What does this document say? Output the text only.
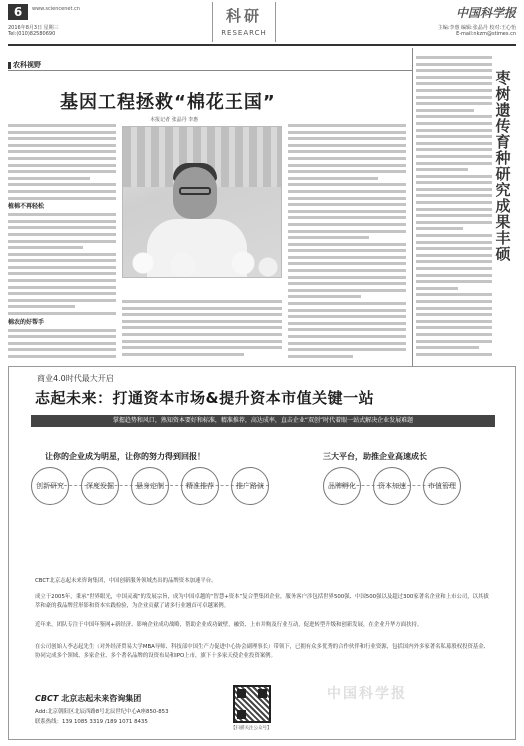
6	www.sciencenet.cn
2016年8月3日 星期三
Tel:(010)82580690
科研
RESEARCH
中国科学报
主编:李惠 编辑:张晶丹 校对:王心怡
E-mail:nkzm@stimes.cn
农科视野
基因工程拯救“棉花王国”
本报记者 张晶丹 李惠
植棉不再轻松
棉农的好帮手
枣树遗传育种研究成果丰硕
商业4.0时代最大开启
志起未来：打通资本市场&提升资本市值关键一站
掌握趋势和风口，熟知资本要好和标准，精准推荐，高达成率，直击企业“双创”时代着眼一站式解决企业发展难题
让你的企业成为明星，让你的努力得到回报！	三大平台，助推企业高速成长
创新研究	深度发掘	悬身定制	精准推荐	推广路演	品牌孵化	资本加速	市值管理
CBCT北京志起未来咨询集团，中国创新服务领域杰出的品牌资本加速平台。
成立于2005年，秉承“世界眼光，中国灵魂”的发展宗旨，成为中国卓越的“智慧+资本”复合型集团企业，服务客户涉包括世界500强、中国500强以及超过300家著名企业和上市公司，以其拔萃和豪的我品牌营形影和资本实践检验，为企业贡献了诸多行业翘首可卓越案例。
近年来，团队专注于中国年鉴网+新经济、影响企业成功战略，帮助企业成功破壁，融资、上市并购及行业互动，促进转型升级和创新发展，在企业升华方面扶持。
在公司创始人李志起先生（对外经济贸易大学MBA导师、科技部中国生产力促进中心协会副理事长）带领下，已拥有众多优秀的合作伙伴和行业资源，包括国内外多家著名私募股权投资基金、协同完成多个领域、多家企业、多个著名品牌的设资布局和IPO上市，旗下十多家天使企业投资案例。
CBCT 北京志起未来咨询集团
Add:北京朝阳区北辰西路8号北辰世纪中心A座850-853
联系热线：139 1085 3319 /189 1071 8435
【扫描关注公众号】
中国科学报
